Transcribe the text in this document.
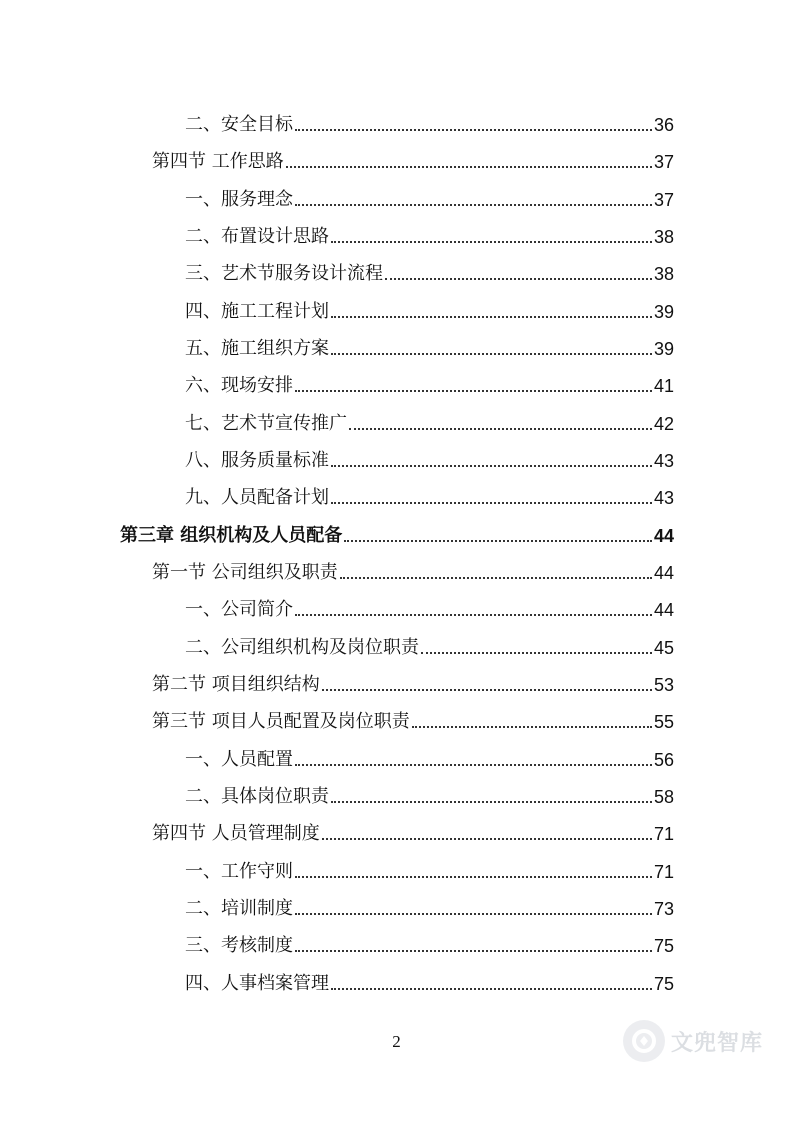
二、安全目标	36
第四节 工作思路	37
一、服务理念	37
二、布置设计思路	38
三、艺术节服务设计流程	38
四、施工工程计划	39
五、施工组织方案	39
六、现场安排	41
七、艺术节宣传推广	42
八、服务质量标准	43
九、人员配备计划	43
第三章 组织机构及人员配备	44
第一节 公司组织及职责	44
一、公司简介	44
二、公司组织机构及岗位职责	45
第二节 项目组织结构	53
第三节 项目人员配置及岗位职责	55
一、人员配置	56
二、具体岗位职责	58
第四节 人员管理制度	71
一、工作守则	71
二、培训制度	73
三、考核制度	75
四、人事档案管理	75
2	文兜智库
